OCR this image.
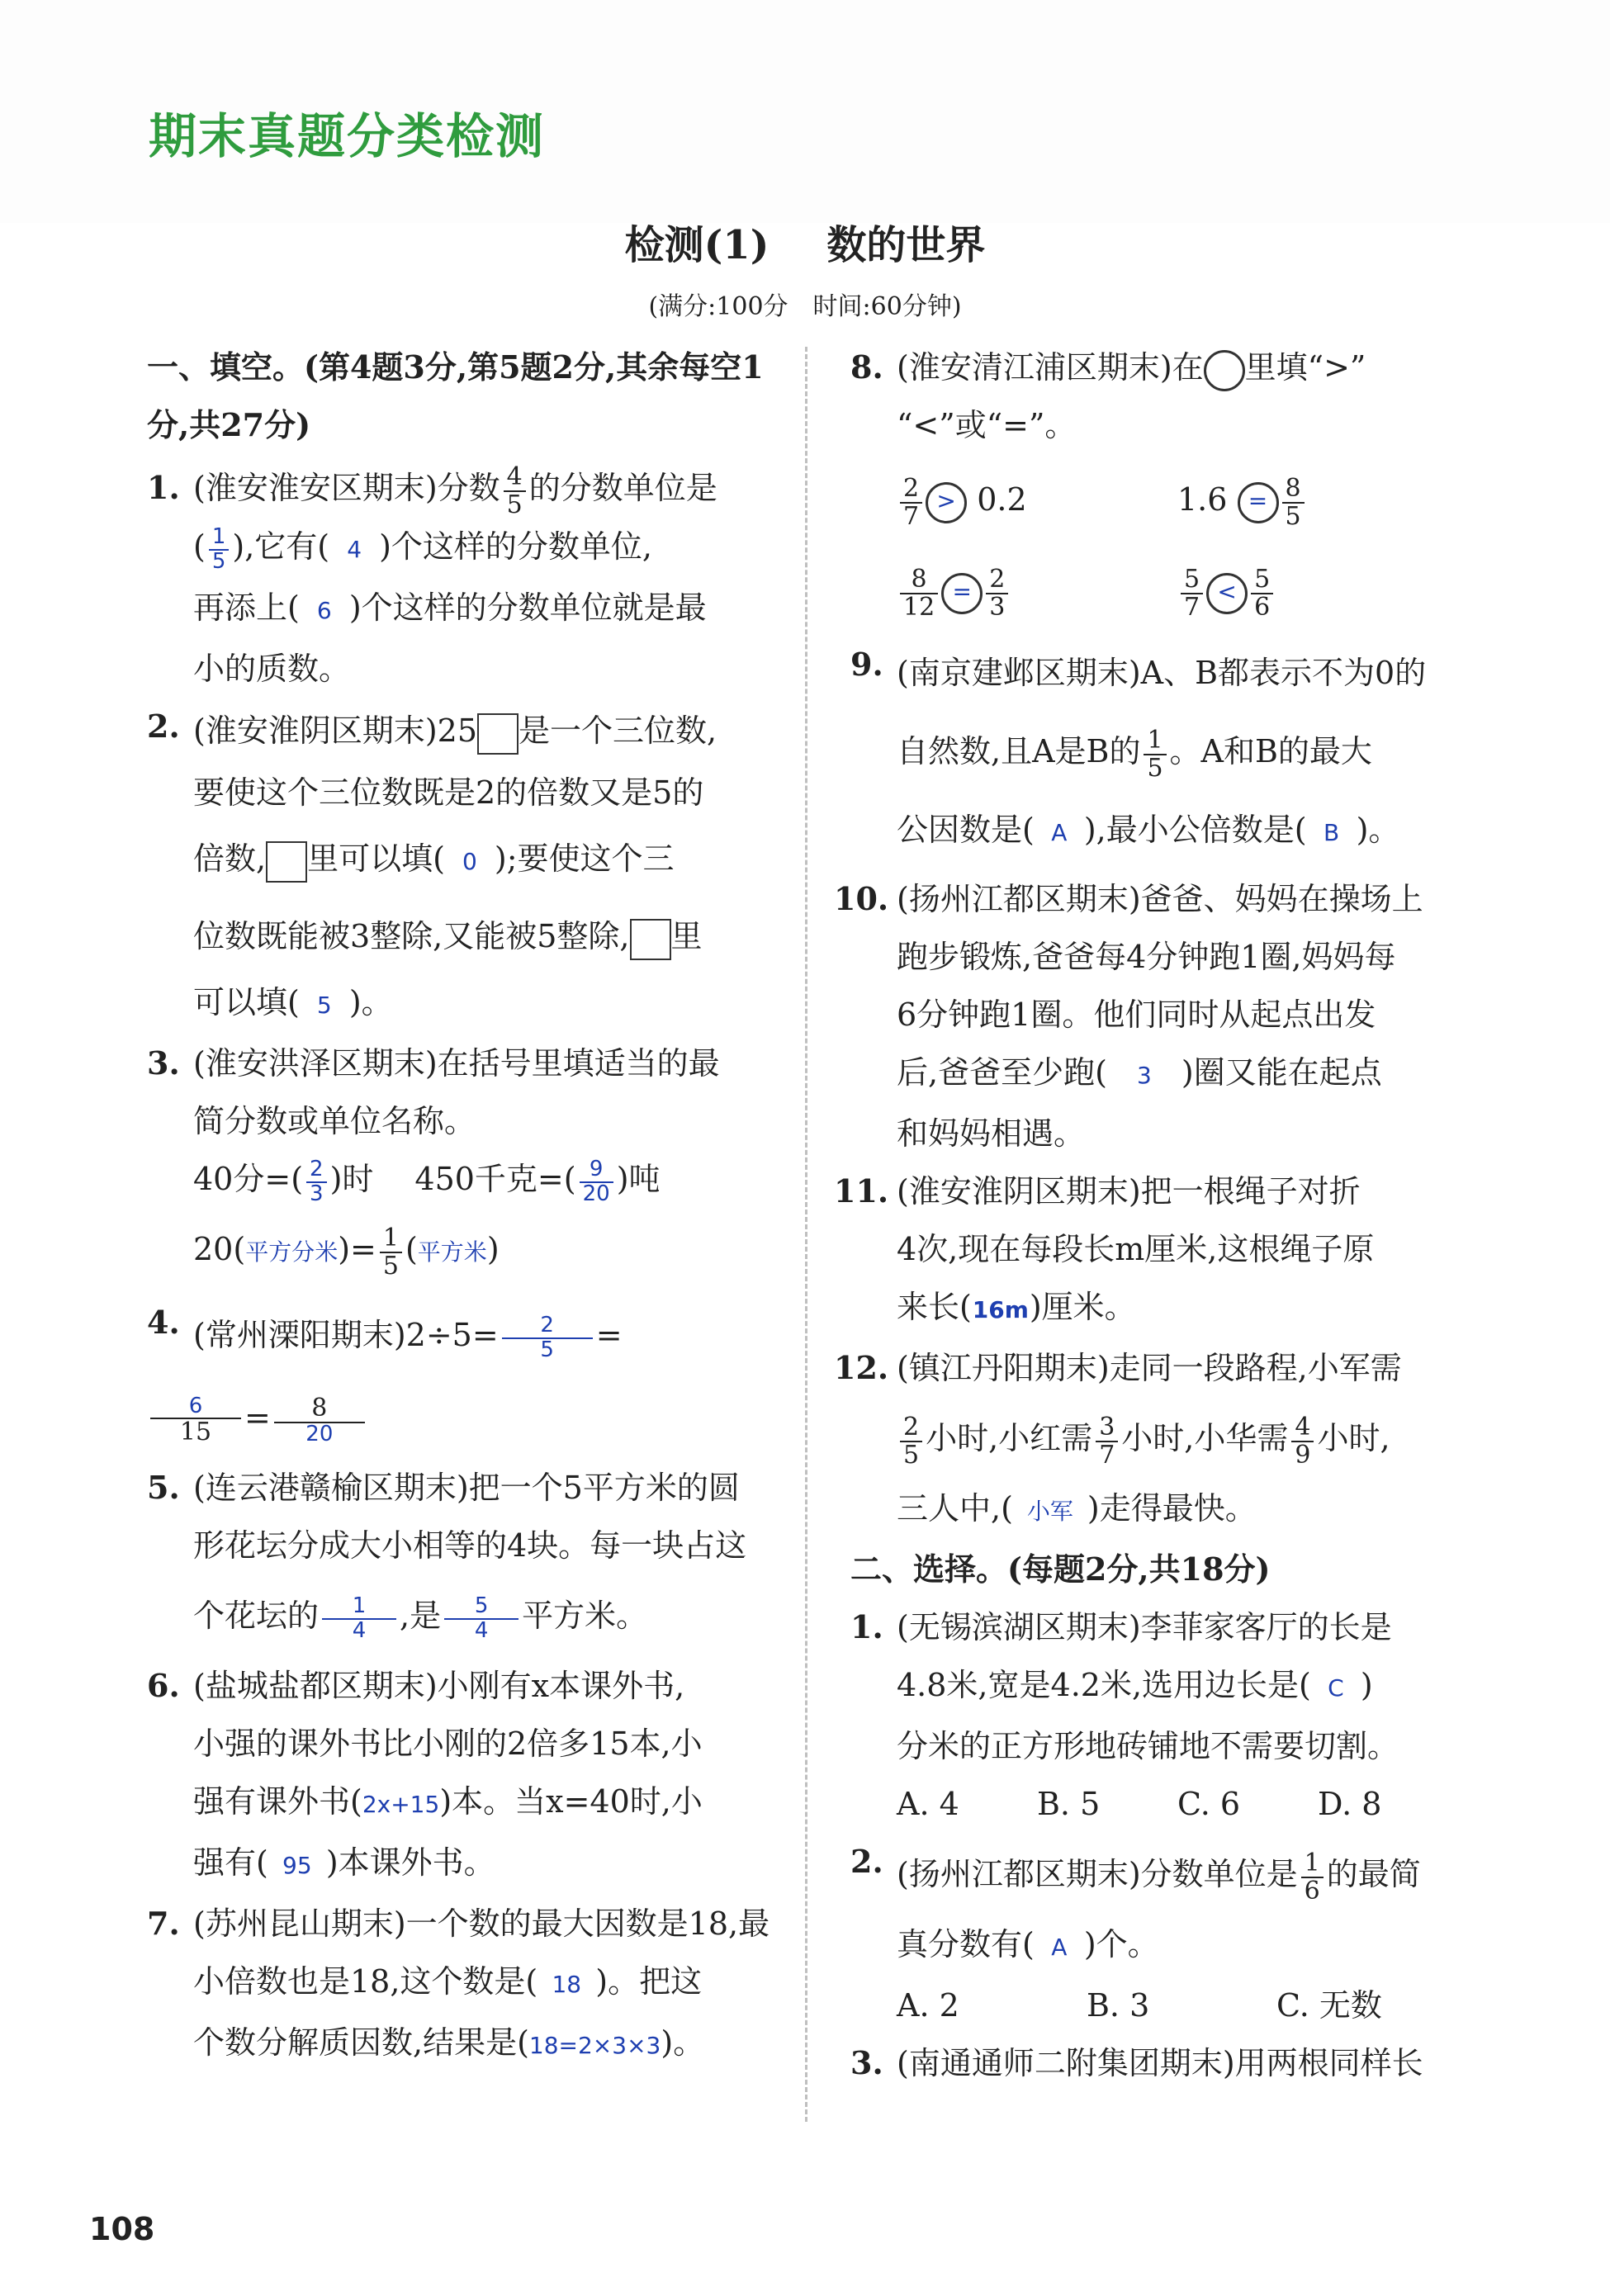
期末真题分类检测
检测(1) 数的世界
(满分:100分　时间:60分钟)
一、填空。(第4题3分,第5题2分,其余每空1分,共27分)
1. (淮安淮安区期末)分数 $\frac{4}{5}$ 的分数单位是
( $\frac{1}{5}$ ),它有( 4 )个这样的分数单位,
再添上( 6 )个这样的分数单位就是最
小的质数。
2. (淮安淮阴区期末)25 是一个三位数,
要使这个三位数既是2的倍数又是5的
倍数, 里可以填( 0 );要使这个三
位数既能被3整除,又能被5整除, 里
可以填( 5 )。
3. (淮安洪泽区期末)在括号里填适当的最
简分数或单位名称。
40分=( $\frac{2}{3}$ )时 450千克=( $\frac{9}{20}$ )吨
20(平方分米)= $\frac{1}{5}$ (平方米)
4. (常州溧阳期末)$2\div 5= \frac{2}{5}$ =
$\frac{6}{15} = \frac{8}{20}$
5. (连云港赣榆区期末)把一个5平方米的圆
形花坛分成大小相等的4块。每一块占这
个花坛的 $\frac{1}{4}$ ,是 $\frac{5}{4}$ 平方米。
6. (盐城盐都区期末)小刚有x本课外书,
小强的课外书比小刚的2倍多15本,小
强有课外书(2x+15)本。当x=40时,小
强有( 95 )本课外书。
7. (苏州昆山期末)一个数的最大因数是18,最
小倍数也是18,这个数是( 18 )。把这
个数分解质因数,结果是(18=2×3×3)。
8. (淮安清江浦区期末)在 里填“>”
“<”或“=”。
$\frac{2}{7} > 0.2$	$1.6 = \frac{8}{5}$
$\frac{8}{12} = \frac{2}{3}$	$\frac{5}{7} < \frac{5}{6}$
9. (南京建邺区期末)A、B都表示不为0的
自然数,且A是B的 $\frac{1}{5}$ 。A和B的最大
公因数是( A ),最小公倍数是( B )。
10. (扬州江都区期末)爸爸、妈妈在操场上
跑步锻炼,爸爸每4分钟跑1圈,妈妈每
6分钟跑1圈。他们同时从起点出发
后,爸爸至少跑( 3 )圈又能在起点
和妈妈相遇。
11. (淮安淮阴区期末)把一根绳子对折
4次,现在每段长m厘米,这根绳子原
来长(16m)厘米。
12. (镇江丹阳期末)走同一段路程,小军需
$\frac{2}{5}$ 小时,小红需 $\frac{3}{7}$ 小时,小华需 $\frac{4}{9}$ 小时,
三人中,( 小军 )走得最快。
二、选择。(每题2分,共18分)
1. (无锡滨湖区期末)李菲家客厅的长是
4.8米,宽是4.2米,选用边长是( C )
分米的正方形地砖铺地不需要切割。
A. 4 B. 5 C. 6 D. 8
2. (扬州江都区期末)分数单位是 $\frac{1}{6}$ 的最简
真分数有( A )个。
A. 2	B. 3	C. 无数
3. (南通通师二附集团期末)用两根同样长
108
